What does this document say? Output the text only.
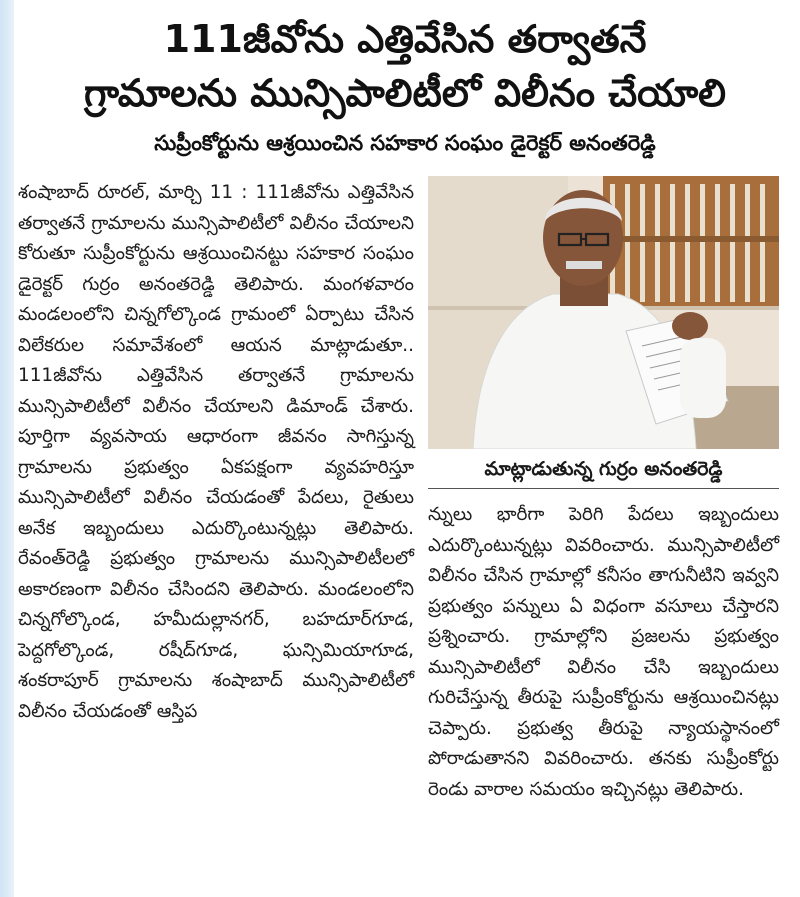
111జీవోను ఎత్తివేసిన తర్వాతనే
గ్రామాలను మున్సిపాలిటీలో విలీనం చేయాలి
సుప్రీంకోర్టును ఆశ్రయించిన సహకార సంఘం డైరెక్టర్ అనంతరెడ్డి

శంషాబాద్ రూరల్, మార్చి 11 : 111జీవోను ఎత్తివేసిన తర్వాతనే గ్రామాలను మున్సిపాలిటీలో విలీనం చేయాలని కోరుతూ సుప్రీంకోర్టును ఆశ్రయించినట్టు సహకార సంఘం డైరెక్టర్ గుర్రం అనంతరెడ్డి తెలిపారు. మంగళవారం మండలంలోని చిన్నగోల్కొండ గ్రామంలో ఏర్పాటు చేసిన విలేకరుల సమావేశంలో ఆయన మాట్లాడుతూ.. 111జీవోను ఎత్తివేసిన తర్వాతనే గ్రామాలను మున్సిపాలిటీలో విలీనం చేయాలని డిమాండ్ చేశారు. పూర్తిగా వ్యవసాయ ఆధారంగా జీవనం సాగిస్తున్న గ్రామాలను ప్రభుత్వం ఏకపక్షంగా వ్యవహరిస్తూ మున్సిపాలిటీలో విలీనం చేయడంతో పేదలు, రైతులు అనేక ఇబ్బందులు ఎదుర్కొంటున్నట్లు తెలిపారు. రేవంత్‌రెడ్డి ప్రభుత్వం గ్రామాలను మున్సిపాలిటీలలో అకారణంగా విలీనం చేసిందని తెలిపారు. మండలంలోని చిన్నగోల్కొండ, హమీదుల్లానగర్, బహదూర్‌గూడ, పెద్దగోల్కొండ, రషీద్‌గూడ, ఘన్సిమియాగూడ, శంకరాపూర్ గ్రామాలను శంషాబాద్ మున్సిపాలిటీలో విలీనం చేయడంతో ఆస్తిప

మాట్లాడుతున్న గుర్రం అనంతరెడ్డి

న్నులు భారీగా పెరిగి పేదలు ఇబ్బందులు ఎదుర్కొంటున్నట్లు వివరించారు. మున్సిపాలిటీలో విలీనం చేసిన గ్రామాల్లో కనీసం తాగునీటిని ఇవ్వని ప్రభుత్వం పన్నులు ఏ విధంగా వసూలు చేస్తారని ప్రశ్నించారు. గ్రామాల్లోని ప్రజలను ప్రభుత్వం మున్సిపాలిటీలో విలీనం చేసి ఇబ్బందులు గురిచేస్తున్న తీరుపై సుప్రీంకోర్టును ఆశ్రయించినట్లు చెప్పారు. ప్రభుత్వ తీరుపై న్యాయస్థానంలో పోరాడుతానని వివరించారు. తనకు సుప్రీంకోర్టు రెండు వారాల సమయం ఇచ్చినట్లు తెలిపారు.
